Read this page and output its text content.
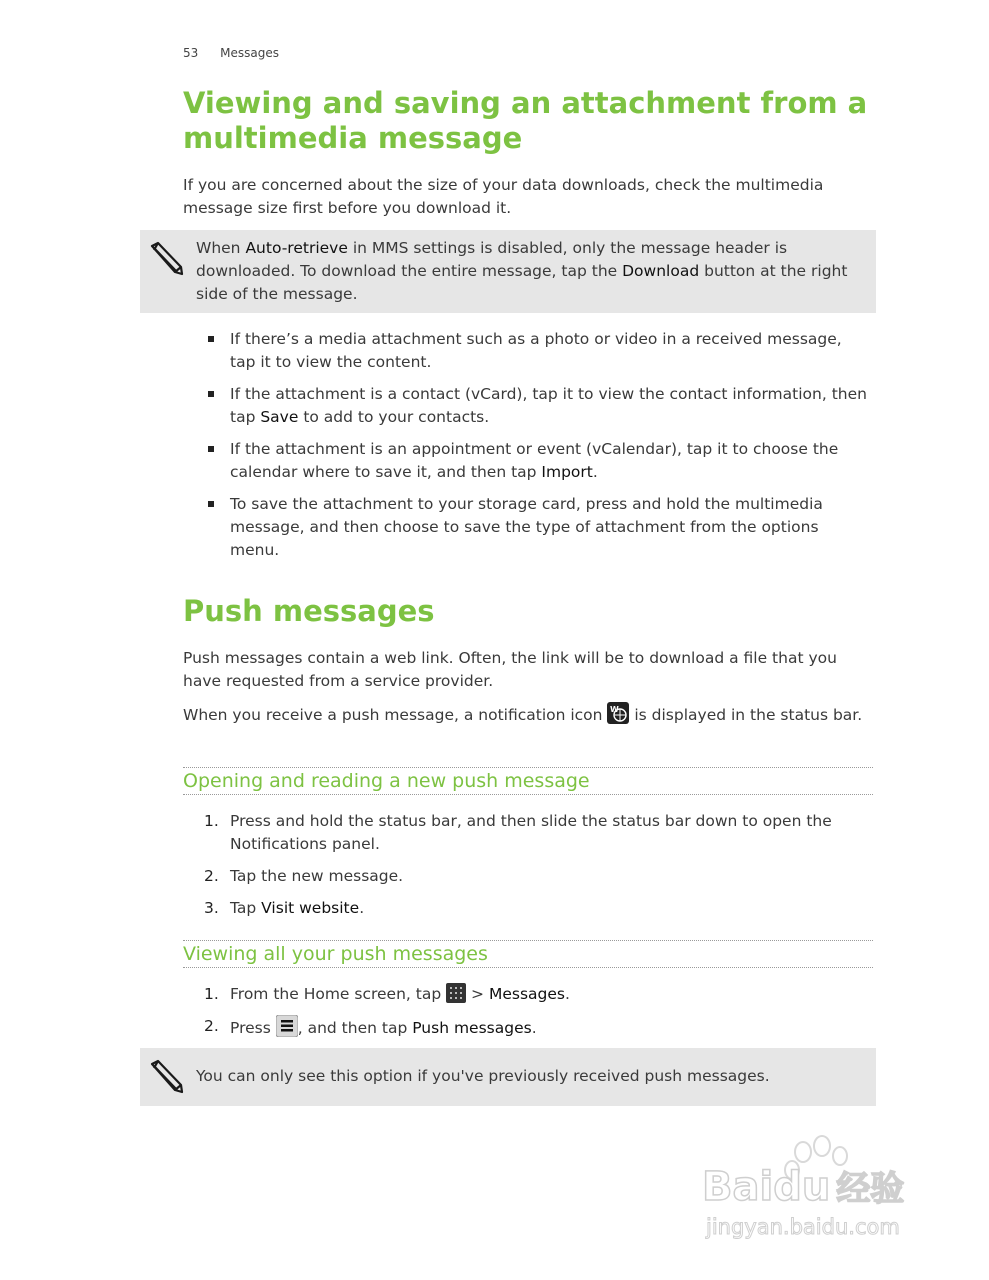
53 Messages
Viewing and saving an attachment from a
multimedia message

If you are concerned about the size of your data downloads, check the multimedia message size first before you download it.

When Auto-retrieve in MMS settings is disabled, only the message header is downloaded. To download the entire message, tap the Download button at the right side of the message.

If there’s a media attachment such as a photo or video in a received message, tap it to view the content.

If the attachment is a contact (vCard), tap it to view the contact information, then tap Save to add to your contacts.

If the attachment is an appointment or event (vCalendar), tap it to choose the calendar where to save it, and then tap Import.

To save the attachment to your storage card, press and hold the multimedia message, and then choose to save the type of attachment from the options menu.

Push messages

Push messages contain a web link. Often, the link will be to download a file that you have requested from a service provider.

When you receive a push message, a notification icon W is displayed in the status bar.

Opening and reading a new push message

1. Press and hold the status bar, and then slide the status bar down to open the Notifications panel.

2. Tap the new message.

3. Tap Visit website.

Viewing all your push messages

1. From the Home screen, tap  > Messages.

2. Press , and then tap Push messages.

You can only see this option if you've previously received push messages.

Baidu 经验
jingyan.baidu.com
